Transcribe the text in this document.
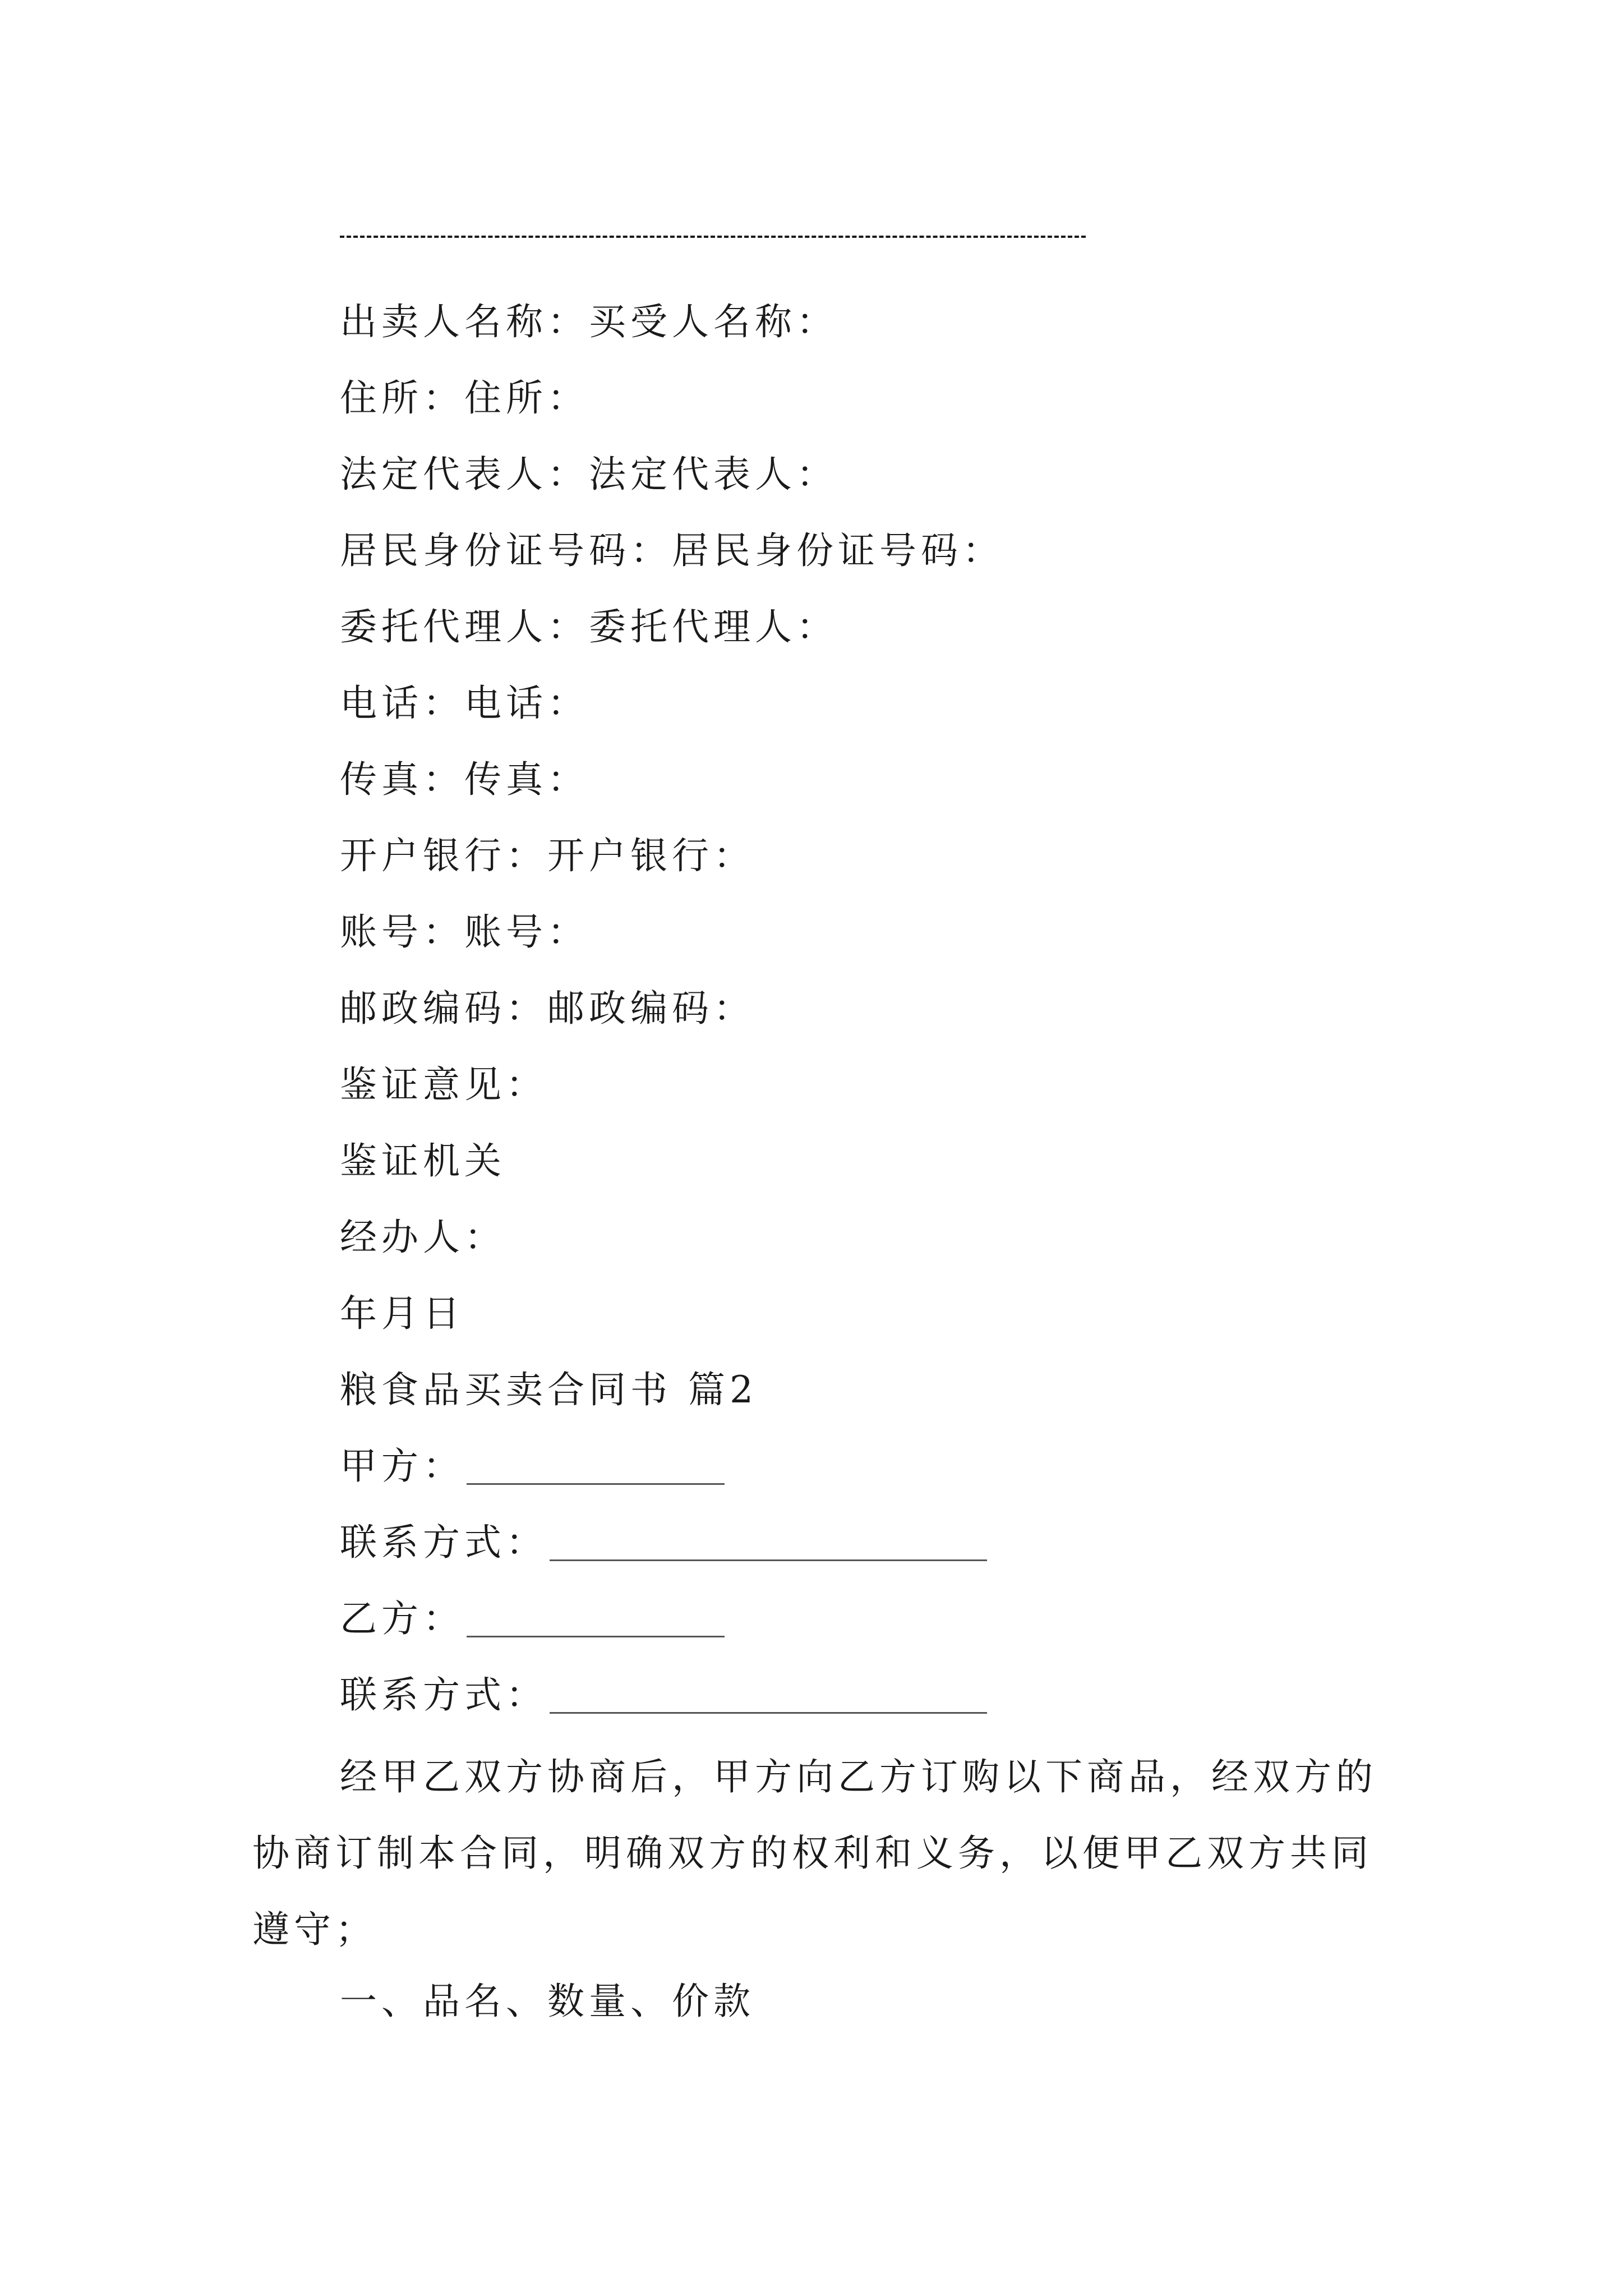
出卖人名称：买受人名称：
住所：住所：
法定代表人：法定代表人：
居民身份证号码：居民身份证号码：
委托代理人：委托代理人：
电话：电话：
传真：传真：
开户银行：开户银行：
账号：账号：
邮政编码：邮政编码：
鉴证意见：
鉴证机关
经办人：
年月日
粮食品买卖合同书 篇2
甲方：
联系方式：
乙方：
联系方式：

经甲乙双方协商后，甲方向乙方订购以下商品，经双方的协商订制本合同，明确双方的权利和义务，以便甲乙双方共同遵守；

一、品名、数量、价款
